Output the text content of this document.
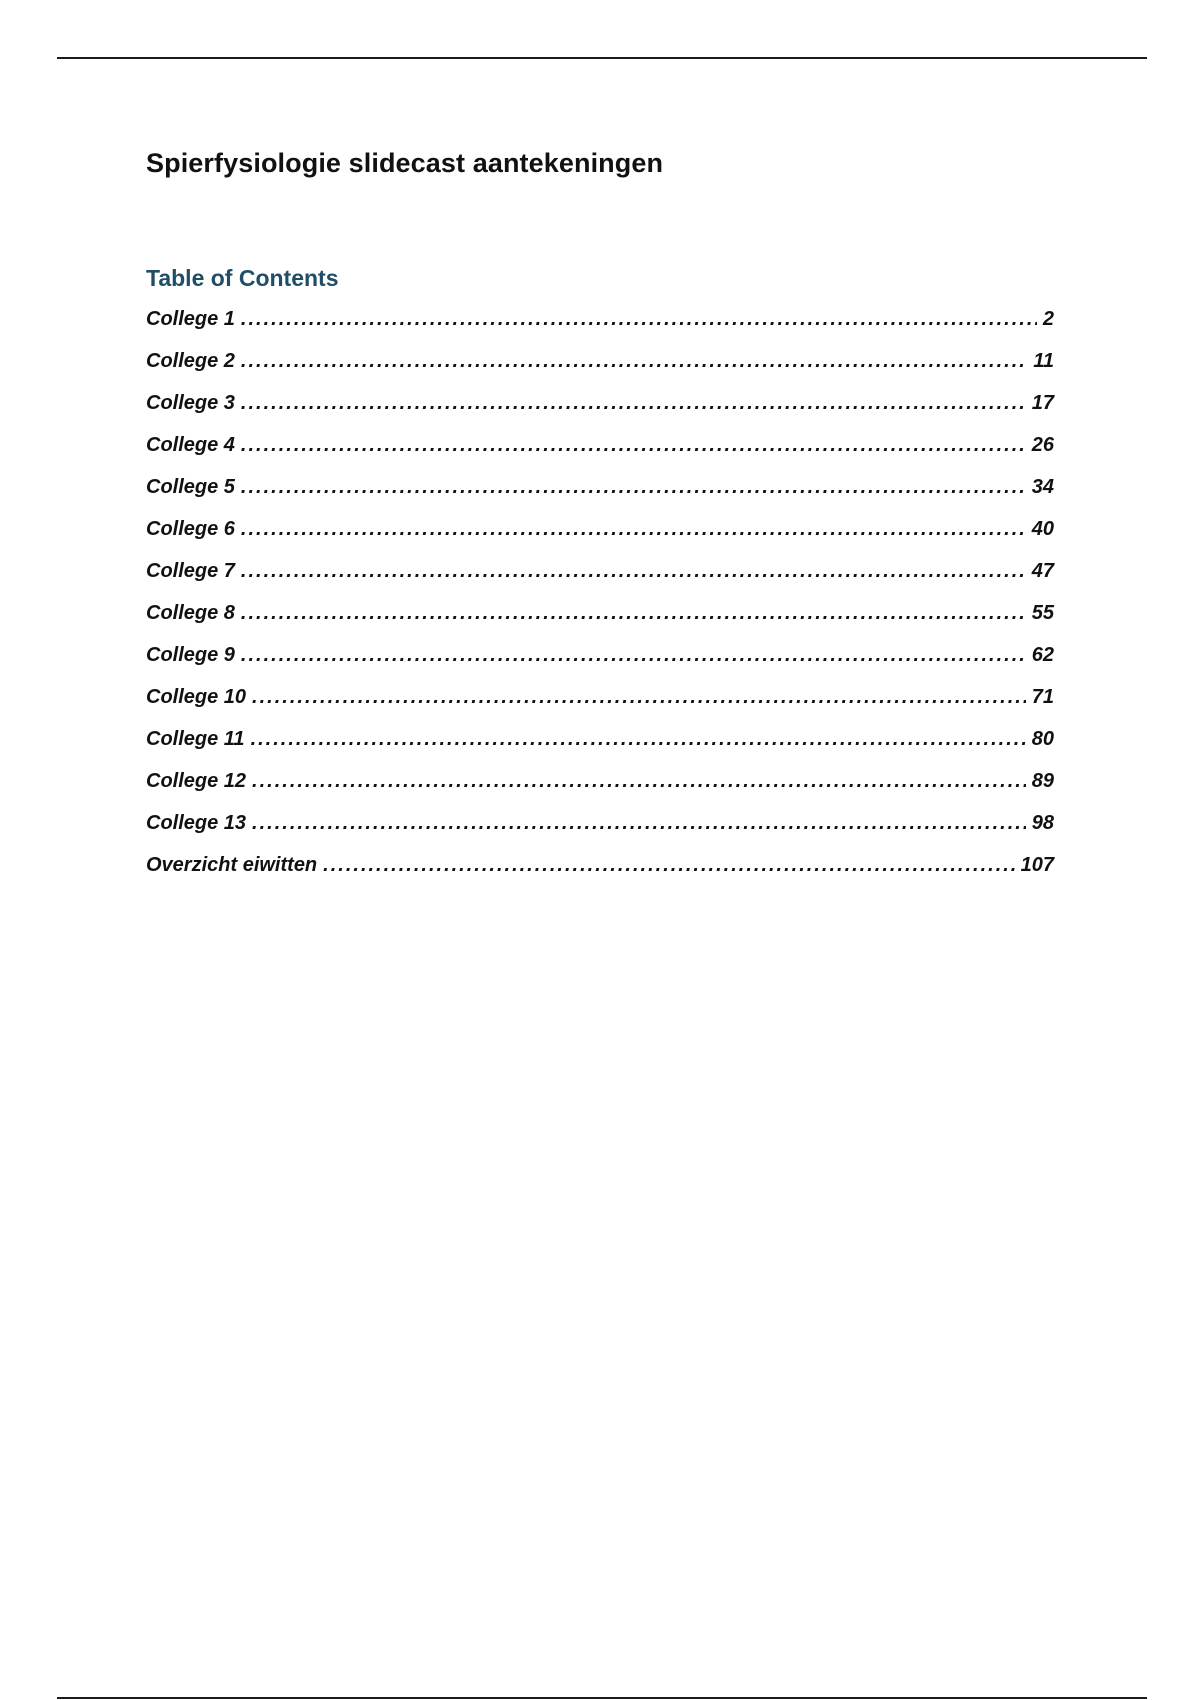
Spierfysiologie slidecast aantekeningen
Table of Contents
College 1 .....	2
College 2 .....	11
College 3 .....	17
College 4 .....	26
College 5 .....	34
College 6 .....	40
College 7 .....	47
College 8 .....	55
College 9 .....	62
College 10 .....	71
College 11 .....	80
College 12 .....	89
College 13 .....	98
Overzicht eiwitten .....	107
